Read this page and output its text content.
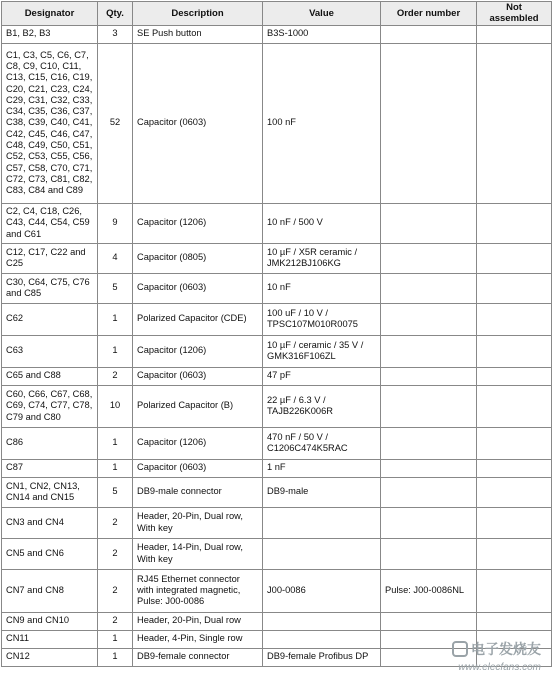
Designator	Qty.	Description	Value	Order number	Not assembled
B1, B2, B3	3	SE Push button	B3S-1000		
C1, C3, C5, C6, C7, C8, C9, C10, C11, C13, C15, C16, C19, C20, C21, C23, C24, C29, C31, C32, C33, C34, C35, C36, C37, C38, C39, C40, C41, C42, C45, C46, C47, C48, C49, C50, C51, C52, C53, C55, C56, C57, C58, C70, C71, C72, C73, C81, C82, C83, C84 and C89	52	Capacitor (0603)	100 nF		
C2, C4, C18, C26, C43, C44, C54, C59 and C61	9	Capacitor (1206)	10 nF / 500 V		
C12, C17, C22 and C25	4	Capacitor (0805)	10 µF / X5R ceramic / JMK212BJ106KG		
C30, C64, C75, C76 and C85	5	Capacitor (0603)	10 nF		
C62	1	Polarized Capacitor (CDE)	100 uF / 10 V / TPSC107M010R0075		
C63	1	Capacitor (1206)	10 µF / ceramic / 35 V / GMK316F106ZL		
C65 and C88	2	Capacitor (0603)	47 pF		
C60, C66, C67, C68, C69, C74, C77, C78, C79 and C80	10	Polarized Capacitor (B)	22 µF / 6.3 V / TAJB226K006R		
C86	1	Capacitor (1206)	470 nF / 50 V / C1206C474K5RAC		
C87	1	Capacitor (0603)	1 nF		
CN1, CN2, CN13, CN14 and CN15	5	DB9-male connector	DB9-male		
CN3 and CN4	2	Header, 20-Pin, Dual row, With key			
CN5 and CN6	2	Header, 14-Pin, Dual row, With key			
CN7 and CN8	2	RJ45 Ethernet connector with integrated magnetic, Pulse: J00-0086	J00-0086	Pulse: J00-0086NL	
CN9 and CN10	2	Header, 20-Pin, Dual row			
CN11	1	Header, 4-Pin, Single row			
CN12	1	DB9-female connector	DB9-female Profibus DP			电子发烧友
www.elecfans.com
